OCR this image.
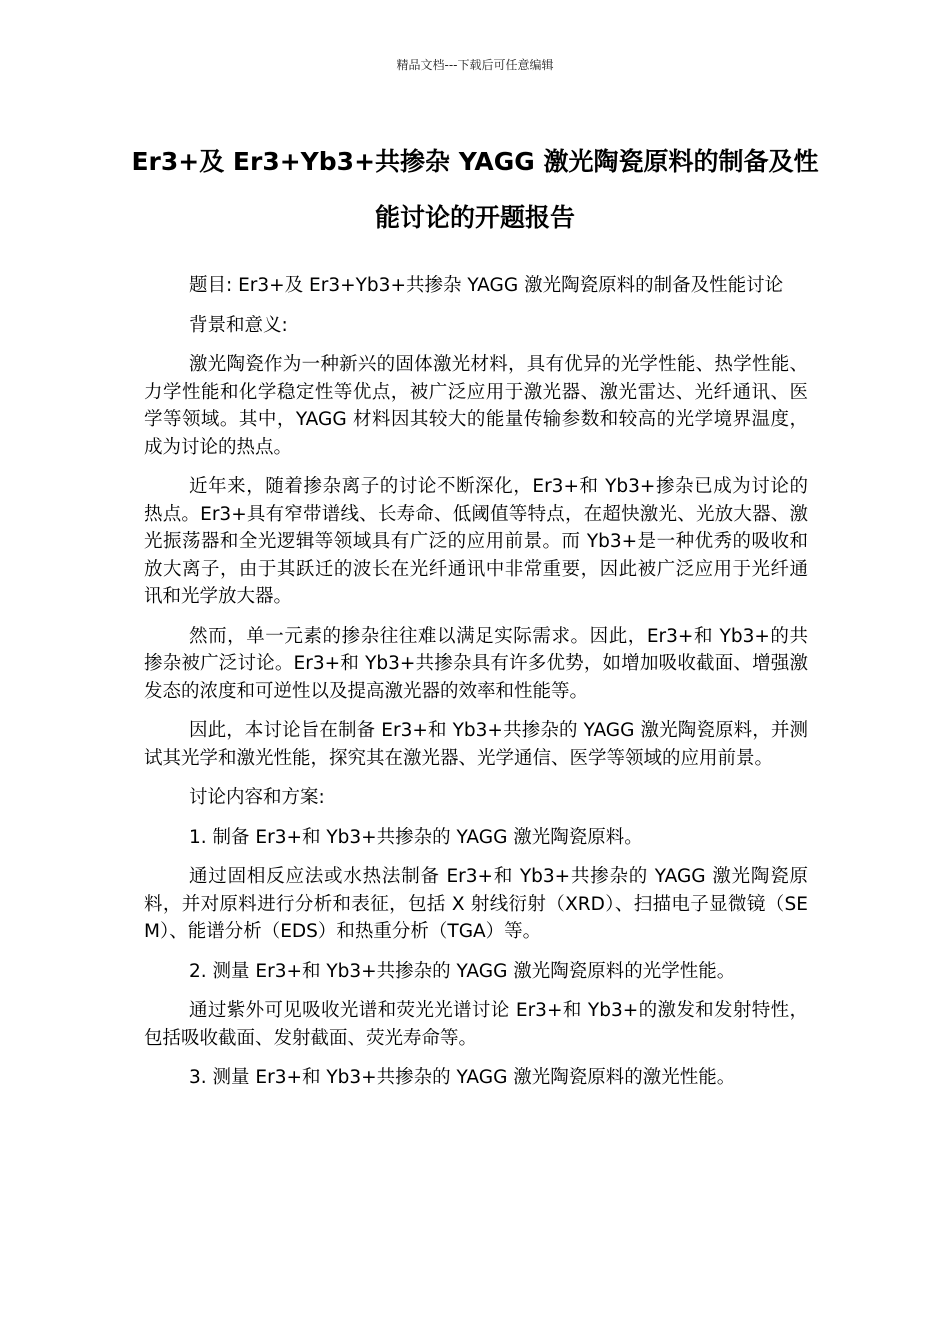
精品文档---下载后可任意编辑
Er3+及 Er3+Yb3+共掺杂 YAGG 激光陶瓷原料的制备及性能讨论的开题报告

题目: Er3+及 Er3+Yb3+共掺杂 YAGG 激光陶瓷原料的制备及性能讨论

背景和意义:

激光陶瓷作为一种新兴的固体激光材料，具有优异的光学性能、热学性能、力学性能和化学稳定性等优点，被广泛应用于激光器、激光雷达、光纤通讯、医学等领域。其中，YAGG 材料因其较大的能量传输参数和较高的光学境界温度，成为讨论的热点。

近年来，随着掺杂离子的讨论不断深化，Er3+和 Yb3+掺杂已成为讨论的热点。Er3+具有窄带谱线、长寿命、低阈值等特点，在超快激光、光放大器、激光振荡器和全光逻辑等领域具有广泛的应用前景。而 Yb3+是一种优秀的吸收和放大离子，由于其跃迁的波长在光纤通讯中非常重要，因此被广泛应用于光纤通讯和光学放大器。

然而，单一元素的掺杂往往难以满足实际需求。因此，Er3+和 Yb3+的共掺杂被广泛讨论。Er3+和 Yb3+共掺杂具有许多优势，如增加吸收截面、增强激发态的浓度和可逆性以及提高激光器的效率和性能等。

因此，本讨论旨在制备 Er3+和 Yb3+共掺杂的 YAGG 激光陶瓷原料，并测试其光学和激光性能，探究其在激光器、光学通信、医学等领域的应用前景。

讨论内容和方案:

1. 制备 Er3+和 Yb3+共掺杂的 YAGG 激光陶瓷原料。

通过固相反应法或水热法制备 Er3+和 Yb3+共掺杂的 YAGG 激光陶瓷原料，并对原料进行分析和表征，包括 X 射线衍射（XRD）、扫描电子显微镜（SEM）、能谱分析（EDS）和热重分析（TGA）等。

2. 测量 Er3+和 Yb3+共掺杂的 YAGG 激光陶瓷原料的光学性能。

通过紫外可见吸收光谱和荧光光谱讨论 Er3+和 Yb3+的激发和发射特性，包括吸收截面、发射截面、荧光寿命等。

3. 测量 Er3+和 Yb3+共掺杂的 YAGG 激光陶瓷原料的激光性能。
